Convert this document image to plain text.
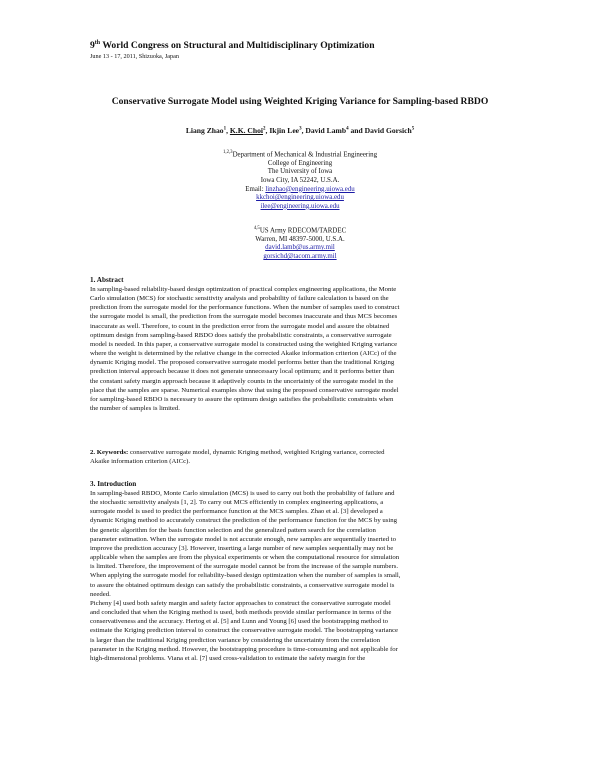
9th World Congress on Structural and Multidisciplinary Optimization
June 13 - 17, 2011, Shizuoka, Japan
Conservative Surrogate Model using Weighted Kriging Variance for Sampling-based RBDO
Liang Zhao$^1$, K.K. Choi$^2$, Ikjin Lee$^3$, David Lamb$^4$ and David Gorsich$^5$
$^{1,2,3}$Department of Mechanical & Industrial Engineering
College of Engineering
The University of Iowa
Iowa City, IA 52242, U.S.A.
Email: linzhao@engineering.uiowa.edu
kkchoi@engineering.uiowa.edu
ilee@engineering.uiowa.edu
$^{4,5}$US Army RDECOM/TARDEC
Warren, MI 48397-5000, U.S.A.
david.lamb@us.army.mil
gorsichd@tacom.army.mil
1. Abstract
In sampling-based reliability-based design optimization of practical complex engineering applications, the Monte
Carlo simulation (MCS) for stochastic sensitivity analysis and probability of failure calculation is based on the
prediction from the surrogate model for the performance functions. When the number of samples used to construct
the surrogate model is small, the prediction from the surrogate model becomes inaccurate and thus MCS becomes
inaccurate as well. Therefore, to count in the prediction error from the surrogate model and assure the obtained
optimum design from sampling-based RBDO does satisfy the probabilistic constraints, a conservative surrogate
model is needed. In this paper, a conservative surrogate model is constructed using the weighted Kriging variance
where the weight is determined by the relative change in the corrected Akaike information criterion (AICc) of the
dynamic Kriging model. The proposed conservative surrogate model performs better than the traditional Kriging
prediction interval approach because it does not generate unnecessary local optimum; and it performs better than
the constant safety margin approach because it adaptively counts in the uncertainty of the surrogate model in the
place that the samples are sparse. Numerical examples show that using the proposed conservative surrogate model
for sampling-based RBDO is necessary to assure the optimum design satisfies the probabilistic constraints when
the number of samples is limited.
2. Keywords: conservative surrogate model, dynamic Kriging method, weighted Kriging variance, corrected
Akaike information criterion (AICc).
3. Introduction
In sampling-based RBDO, Monte Carlo simulation (MCS) is used to carry out both the probability of failure and
the stochastic sensitivity analysis [1, 2]. To carry out MCS efficiently in complex engineering applications, a
surrogate model is used to predict the performance function at the MCS samples. Zhao et al. [3] developed a
dynamic Kriging method to accurately construct the prediction of the performance function for the MCS by using
the genetic algorithm for the basis function selection and the generalized pattern search for the correlation
parameter estimation. When the surrogate model is not accurate enough, new samples are sequentially inserted to
improve the prediction accuracy [3]. However, inserting a large number of new samples sequentially may not be
applicable when the samples are from the physical experiments or when the computational resource for simulation
is limited. Therefore, the improvement of the surrogate model cannot be from the increase of the sample numbers.
When applying the surrogate model for reliability-based design optimization when the number of samples is small,
to assure the obtained optimum design can satisfy the probabilistic constraints, a conservative surrogate model is
needed.
Picheny [4] used both safety margin and safety factor approaches to construct the conservative surrogate model
and concluded that when the Kriging method is used, both methods provide similar performance in terms of the
conservativeness and the accuracy. Hertog et al. [5] and Lunn and Young [6] used the bootstrapping method to
estimate the Kriging prediction interval to construct the conservative surrogate model. The bootstrapping variance
is larger than the traditional Kriging prediction variance by considering the uncertainty from the correlation
parameter in the Kriging method. However, the bootstrapping procedure is time-consuming and not applicable for
high-dimensional problems. Viana et al. [7] used cross-validation to estimate the safety margin for the
